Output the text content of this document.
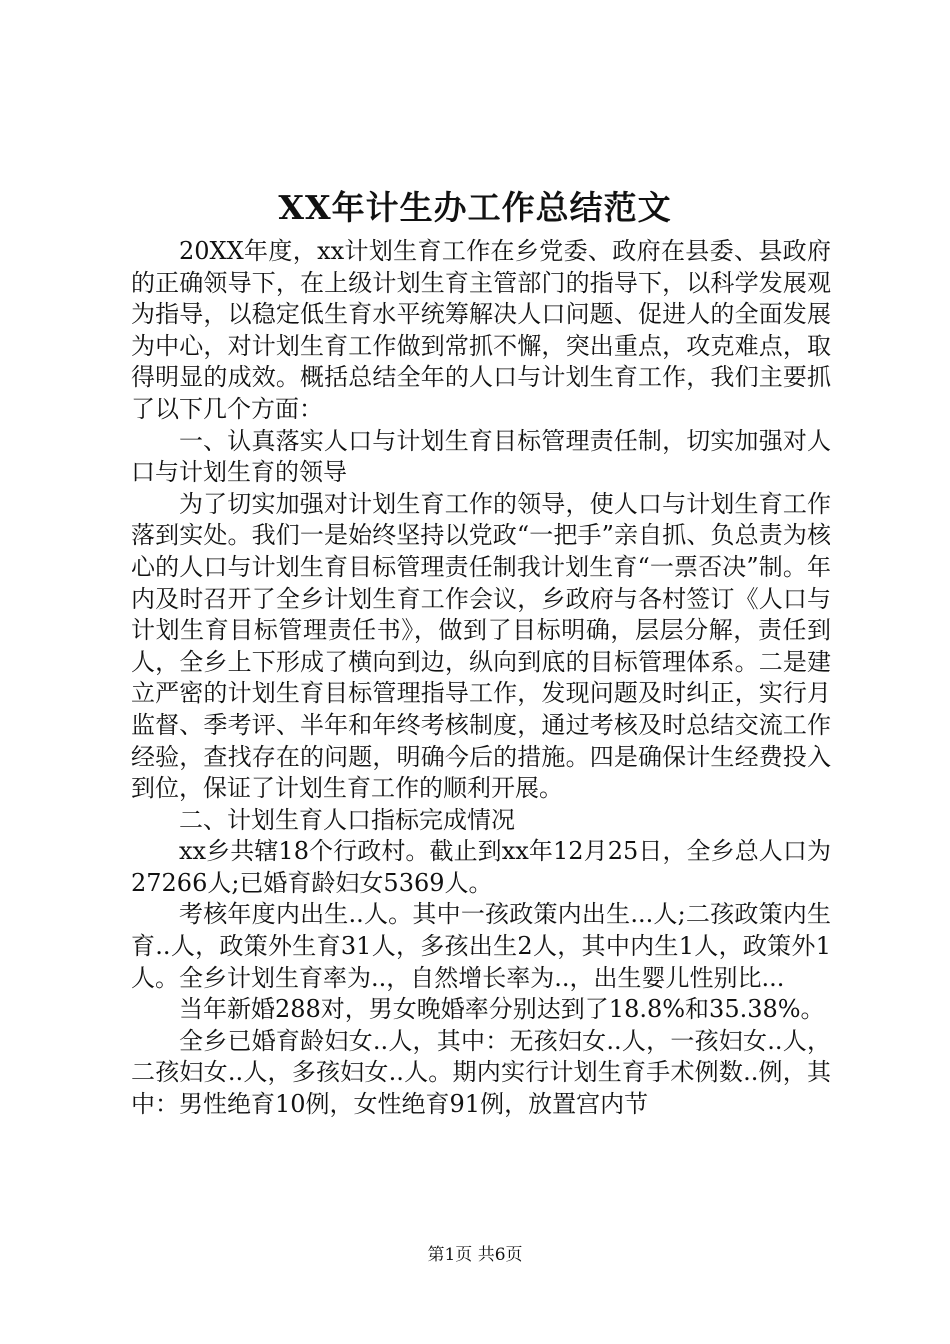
XX年计生办工作总结范文

20XX年度，xx计划生育工作在乡党委、政府在县委、县政府的正确领导下，在上级计划生育主管部门的指导下，以科学发展观为指导，以稳定低生育水平统筹解决人口问题、促进人的全面发展为中心，对计划生育工作做到常抓不懈，突出重点，攻克难点，取得明显的成效。概括总结全年的人口与计划生育工作，我们主要抓了以下几个方面：

一、认真落实人口与计划生育目标管理责任制，切实加强对人口与计划生育的领导

为了切实加强对计划生育工作的领导，使人口与计划生育工作落到实处。我们一是始终坚持以党政“一把手”亲自抓、负总责为核心的人口与计划生育目标管理责任制我计划生育“一票否决”制。年内及时召开了全乡计划生育工作会议，乡政府与各村签订《人口与计划生育目标管理责任书》，做到了目标明确，层层分解，责任到人，全乡上下形成了横向到边，纵向到底的目标管理体系。二是建立严密的计划生育目标管理指导工作，发现问题及时纠正，实行月监督、季考评、半年和年终考核制度，通过考核及时总结交流工作经验，查找存在的问题，明确今后的措施。四是确保计生经费投入到位，保证了计划生育工作的顺利开展。

二、计划生育人口指标完成情况

xx乡共辖18个行政村。截止到xx年12月25日，全乡总人口为27266人;已婚育龄妇女5369人。

考核年度内出生..人。其中一孩政策内出生...人;二孩政策内生育..人，政策外生育31人，多孩出生2人，其中内生1人，政策外1人。全乡计划生育率为..，自然增长率为..，出生婴儿性别比...

当年新婚288对，男女晚婚率分别达到了18.8%和35.38%。

全乡已婚育龄妇女..人，其中：无孩妇女..人，一孩妇女..人，二孩妇女..人，多孩妇女..人。期内实行计划生育手术例数..例，其中：男性绝育10例，女性绝育91例，放置宫内节

第1页 共6页
